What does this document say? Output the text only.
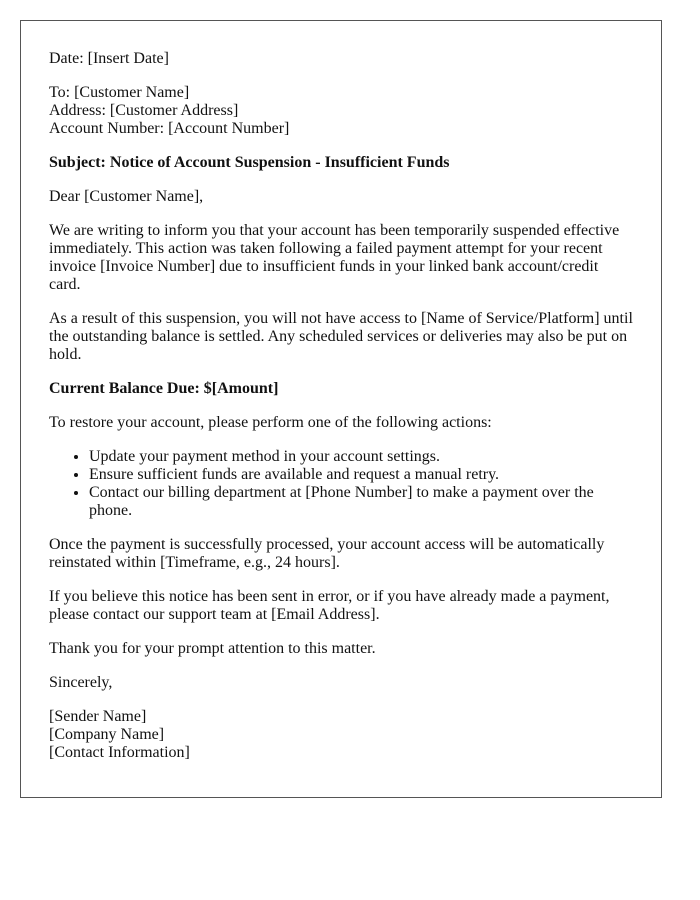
Date: [Insert Date]

To: [Customer Name]
Address: [Customer Address]
Account Number: [Account Number]

Subject: Notice of Account Suspension - Insufficient Funds

Dear [Customer Name],

We are writing to inform you that your account has been temporarily suspended effective immediately. This action was taken following a failed payment attempt for your recent invoice [Invoice Number] due to insufficient funds in your linked bank account/credit card.

As a result of this suspension, you will not have access to [Name of Service/Platform] until the outstanding balance is settled. Any scheduled services or deliveries may also be put on hold.

Current Balance Due: $[Amount]

To restore your account, please perform one of the following actions:

• Update your payment method in your account settings.
• Ensure sufficient funds are available and request a manual retry.
• Contact our billing department at [Phone Number] to make a payment over the phone.

Once the payment is successfully processed, your account access will be automatically reinstated within [Timeframe, e.g., 24 hours].

If you believe this notice has been sent in error, or if you have already made a payment, please contact our support team at [Email Address].

Thank you for your prompt attention to this matter.

Sincerely,

[Sender Name]
[Company Name]
[Contact Information]
